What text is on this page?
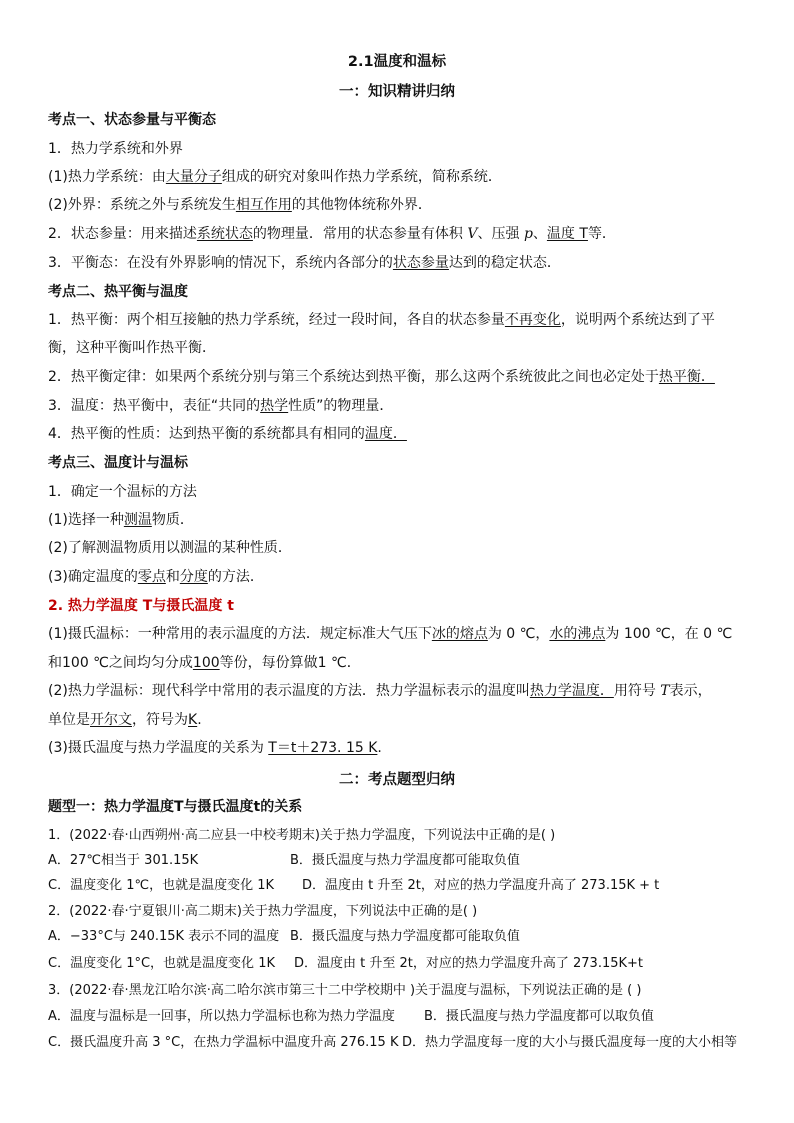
2.1温度和温标
一：知识精讲归纳
考点一、状态参量与平衡态
1．热力学系统和外界
(1)热力学系统：由大量分子组成的研究对象叫作热力学系统，简称系统．
(2)外界：系统之外与系统发生相互作用的其他物体统称外界．
2．状态参量：用来描述系统状态的物理量．常用的状态参量有体积 V、压强 p、温度 T等．
3．平衡态：在没有外界影响的情况下，系统内各部分的状态参量达到的稳定状态．
考点二、热平衡与温度
1．热平衡：两个相互接触的热力学系统，经过一段时间，各自的状态参量不再变化，说明两个系统达到了平
衡，这种平衡叫作热平衡．
2．热平衡定律：如果两个系统分别与第三个系统达到热平衡，那么这两个系统彼此之间也必定处于热平衡．
3．温度：热平衡中，表征“共同的热学性质”的物理量．
4．热平衡的性质：达到热平衡的系统都具有相同的温度．
考点三、温度计与温标
1．确定一个温标的方法
(1)选择一种测温物质．
(2)了解测温物质用以测温的某种性质．
(3)确定温度的零点和分度的方法．
2. 热力学温度 T与摄氏温度 t
(1)摄氏温标：一种常用的表示温度的方法．规定标准大气压下冰的熔点为 0 ℃，水的沸点为 100 ℃，在 0 ℃
和100 ℃之间均匀分成100等份，每份算做1 ℃．
(2)热力学温标：现代科学中常用的表示温度的方法．热力学温标表示的温度叫热力学温度．用符号 T表示，
单位是开尔文，符号为K.
(3)摄氏温度与热力学温度的关系为 T＝t＋273. 15 K.
二：考点题型归纳
题型一：热力学温度T与摄氏温度t的关系
1．(2022·春·山西朔州·高二应县一中校考期末)关于热力学温度，下列说法中正确的是( )
A．27℃相当于 301.15K	B．摄氏温度与热力学温度都可能取负值
C．温度变化 1℃，也就是温度变化 1K D．温度由 t 升至 2t，对应的热力学温度升高了 273.15K + t
2．(2022·春·宁夏银川·高二期末)关于热力学温度，下列说法中正确的是( )
A．−33°C与 240.15K 表示不同的温度 B．摄氏温度与热力学温度都可能取负值
C．温度变化 1°C，也就是温度变化 1K D．温度由 t 升至 2t，对应的热力学温度升高了 273.15K+t
3．(2022·春·黑龙江哈尔滨·高二哈尔滨市第三十二中学校期中 )关于温度与温标，下列说法正确的是 ( )
A．温度与温标是一回事，所以热力学温标也称为热力学温度 B．摄氏温度与热力学温度都可以取负值
C．摄氏温度升高 3 °C，在热力学温标中温度升高 276.15 K D．热力学温度每一度的大小与摄氏温度每一度的大小相等
